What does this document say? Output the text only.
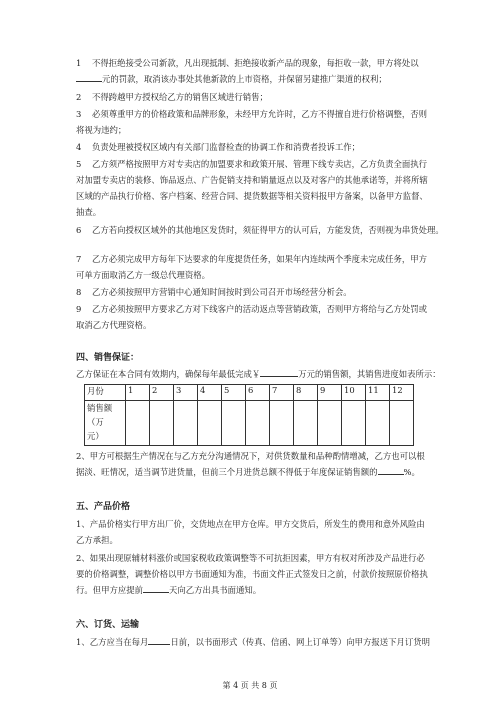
1 不得拒绝接受公司新款，凡出现抵制、拒绝接收新产品的现象，每拒收一款，甲方将处以
元的罚款，取消该办事处其他新款的上市资格，并保留另建推广渠道的权利；
2 不得跨越甲方授权给乙方的销售区域进行销售；
3 必须尊重甲方的价格政策和品牌形象，未经甲方允许时，乙方不得擅自进行价格调整，否则
将视为违约；
4 负责处理被授权区域内有关部门监督检查的协调工作和消费者投诉工作；
5 乙方须严格按照甲方对专卖店的加盟要求和政策开展、管理下线专卖店，乙方负责全面执行
对加盟专卖店的装修、饰品返点、广告促销支持和销量返点以及对客户的其他承诺等，并将所辖
区域的产品执行价格、客户档案、经营合同、提货数据等相关资料报甲方备案，以备甲方监督、
抽查。
6 乙方若向授权区域外的其他地区发货时，须征得甲方的认可后，方能发货，否则视为串货处理。
7 乙方必须完成甲方每年下达要求的年度提货任务，如果年内连续两个季度未完成任务，甲方
可单方面取消乙方一级总代理资格。
8 乙方必须按照甲方营销中心通知时间按时到公司召开市场经营分析会。
9 乙方必须按照甲方要求乙方对下线客户的活动返点等营销政策，否则甲方将给与乙方处罚或
取消乙方代理资格。
四、销售保证：
乙方保证在本合同有效期内，确保每年最低完成￥	万元的销售额，其销售进度如表所示：
月份	1	2	3	4	5	6	7	8	9	10	11	12

销售额
（万
元）												

2、甲方可根据生产情况在与乙方充分沟通情况下，对供货数量和品种酌情增减，乙方也可以根
据淡、旺情况，适当调节进货量，但前三个月进货总额不得低于年度保证销售额的	%。
五、产品价格
1、产品价格实行甲方出厂价，交货地点在甲方仓库。甲方交货后，所发生的费用和意外风险由
乙方承担。
2、如果出现原辅材料涨价或国家税收政策调整等不可抗拒因素，甲方有权对所涉及产品进行必
要的价格调整，调整价格以甲方书面通知为准，书面文件正式签发日之前，付款价按照原价格执
行。但甲方应提前	天向乙方出具书面通知。
六、订货、运输
1、乙方应当在每月	日前，以书面形式（传真、信函、网上订单等）向甲方报送下月订货明
第 4 页 共 8 页
